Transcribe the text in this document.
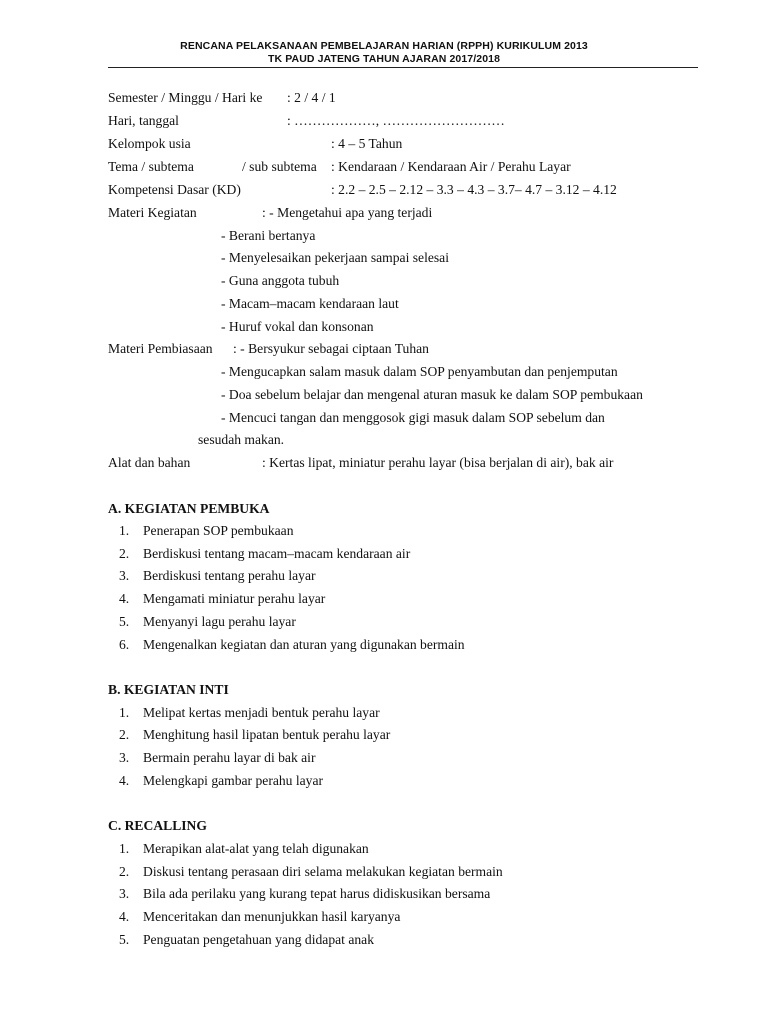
RENCANA PELAKSANAAN PEMBELAJARAN HARIAN (RPPH) KURIKULUM 2013
TK PAUD JATENG TAHUN AJARAN 2017/2018
Semester / Minggu / Hari ke : 2 / 4 / 1
Hari, tanggal	: ………………, ………………………
Kelompok usia	: 4 – 5 Tahun
Tema / subtema	/ sub subtema : Kendaraan / Kendaraan Air / Perahu Layar
Kompetensi Dasar (KD)	: 2.2 – 2.5 – 2.12 – 3.3 – 4.3 – 3.7– 4.7 – 3.12 – 4.12
Materi Kegiatan	: - Mengetahui apa yang terjadi
- Berani bertanya
- Menyelesaikan pekerjaan sampai selesai
- Guna anggota tubuh
- Macam–macam kendaraan laut
- Huruf vokal dan konsonan
Materi Pembiasaan : - Bersyukur sebagai ciptaan Tuhan
- Mengucapkan salam masuk dalam SOP penyambutan dan penjemputan
- Doa sebelum belajar dan mengenal aturan masuk ke dalam SOP pembukaan
- Mencuci tangan dan menggosok gigi masuk dalam SOP sebelum dan
sesudah makan.
Alat dan bahan	: Kertas lipat, miniatur perahu layar (bisa berjalan di air), bak air
A. KEGIATAN PEMBUKA
1. Penerapan SOP pembukaan
2. Berdiskusi tentang macam–macam kendaraan air
3. Berdiskusi tentang perahu layar
4. Mengamati miniatur perahu layar
5. Menyanyi lagu perahu layar
6. Mengenalkan kegiatan dan aturan yang digunakan bermain
B. KEGIATAN INTI
1. Melipat kertas menjadi bentuk perahu layar
2. Menghitung hasil lipatan bentuk perahu layar
3. Bermain perahu layar di bak air
4. Melengkapi gambar perahu layar
C. RECALLING
1. Merapikan alat-alat yang telah digunakan
2. Diskusi tentang perasaan diri selama melakukan kegiatan bermain
3. Bila ada perilaku yang kurang tepat harus didiskusikan bersama
4. Menceritakan dan menunjukkan hasil karyanya
5. Penguatan pengetahuan yang didapat anak
